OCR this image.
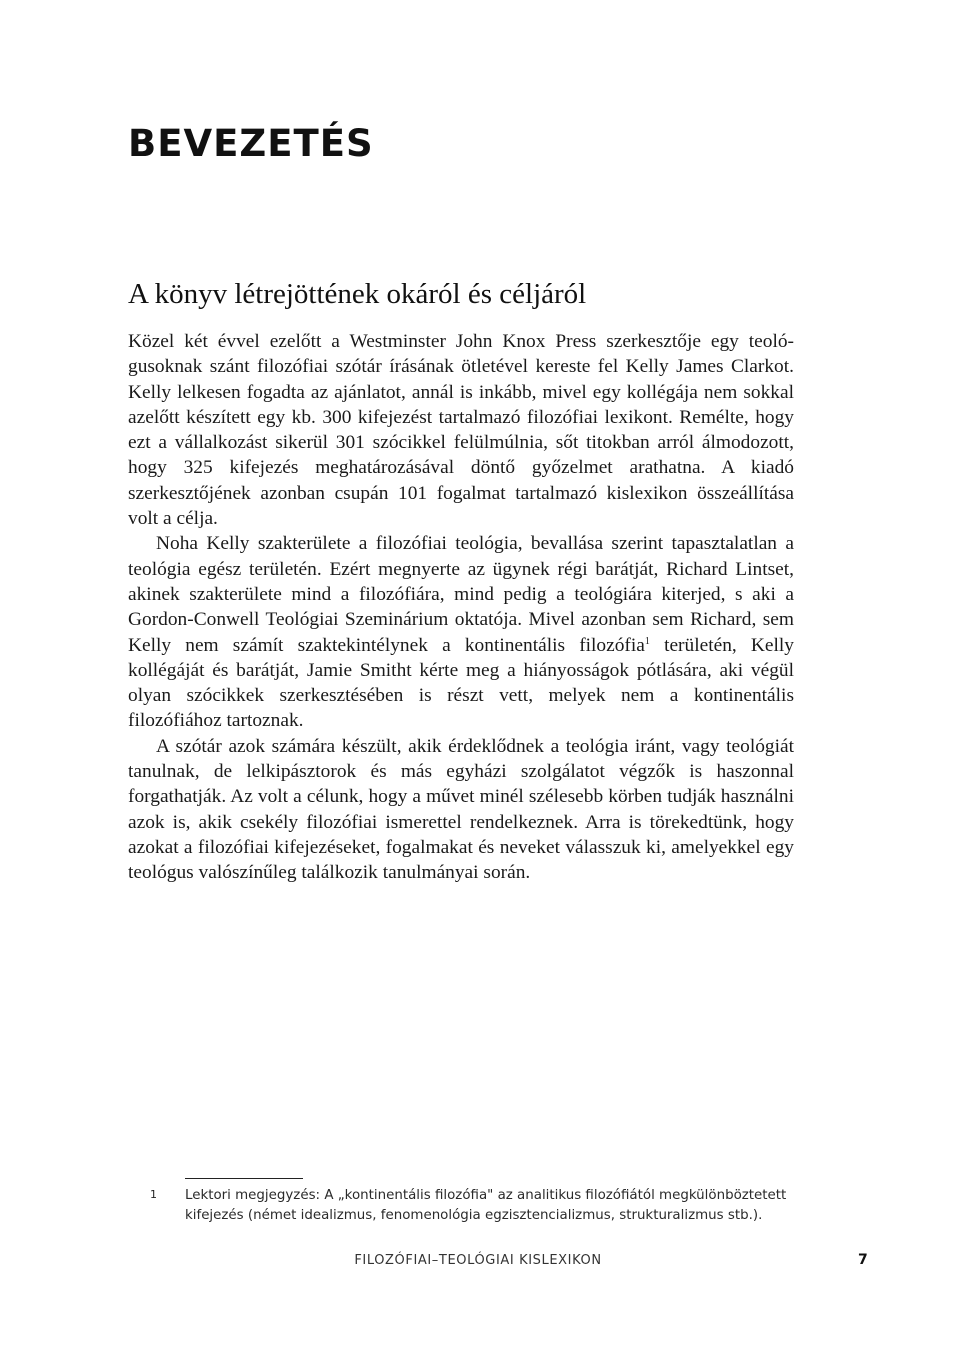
BEVEZETÉS
A könyv létrejöttének okáról és céljáról

Közel két évvel ezelőtt a Westminster John Knox Press szerkesztője egy teológusoknak szánt filozófiai szótár írásának ötletével kereste fel Kelly James Clarkot. Kelly lelkesen fogadta az ajánlatot, annál is inkább, mivel egy kollégája nem sokkal azelőtt készített egy kb. 300 kifejezést tartalmazó filozófiai lexikont. Remélte, hogy ezt a vállalkozást sikerül 301 szócikkel felülmúlnia, sőt titokban arról álmodozott, hogy 325 kifejezés meghatározásával döntő győzelmet arathatna. A kiadó szerkesztőjének azonban csupán 101 fogalmat tartalmazó kislexikon összeállítása volt a célja.

Noha Kelly szakterülete a filozófiai teológia, bevallása szerint tapasztalatlan a teológia egész területén. Ezért megnyerte az ügynek régi barátját, Richard Lintset, akinek szakterülete mind a filozófiára, mind pedig a teológiára kiterjed, s aki a Gordon-Conwell Teológiai Szeminárium oktatója. Mivel azonban sem Richard, sem Kelly nem számít szaktekintélynek a kontinentális filozófia$^1$ területén, Kelly kollégáját és barátját, Jamie Smitht kérte meg a hiányosságok pótlására, aki végül olyan szócikkek szerkesztésében is részt vett, melyek nem a kontinentális filozófiához tartoznak.

A szótár azok számára készült, akik érdeklődnek a teológia iránt, vagy teológiát tanulnak, de lelkipásztorok és más egyházi szolgálatot végzők is haszonnal forgathatják. Az volt a célunk, hogy a művet minél szélesebb körben tudják használni azok is, akik csekély filozófiai ismerettel rendelkeznek. Arra is törekedtünk, hogy azokat a filozófiai kifejezéseket, fogalmakat és neveket válasszuk ki, amelyekkel egy teológus valószínűleg találkozik tanulmányai során.

1 Lektori megjegyzés: A „kontinentális filozófia" az analitikus filozófiától megkülönböztetett kifejezés (német idealizmus, fenomenológia egzisztencializmus, strukturalizmus stb.).
FILOZÓFIAI–TEOLÓGIAI KISLEXIKON	7
